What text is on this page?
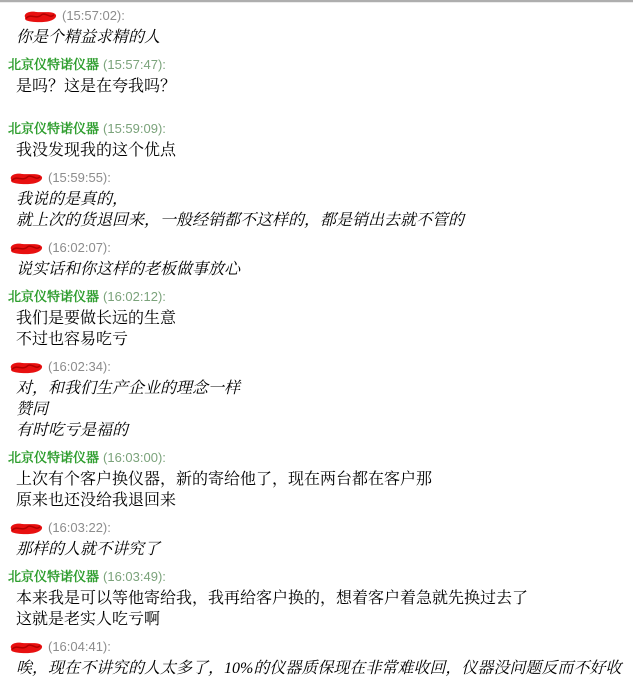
(15:57:02):
你是个精益求精的人
北京仪特诺仪器 (15:57:47):
是吗？这是在夸我吗？
北京仪特诺仪器 (15:59:09):
我没发现我的这个优点
(15:59:55):
我说的是真的，
就上次的货退回来，一般经销都不这样的，都是销出去就不管的
(16:02:07):
说实话和你这样的老板做事放心
北京仪特诺仪器 (16:02:12):
我们是要做长远的生意
不过也容易吃亏
(16:02:34):
对，和我们生产企业的理念一样
赞同
有时吃亏是福的
北京仪特诺仪器 (16:03:00):
上次有个客户换仪器，新的寄给他了，现在两台都在客户那
原来也还没给我退回来
(16:03:22):
那样的人就不讲究了
北京仪特诺仪器 (16:03:49):
本来我是可以等他寄给我，我再给客户换的，想着客户着急就先换过去了
这就是老实人吃亏啊
(16:04:41):
唉，现在不讲究的人太多了，10%的仪器质保现在非常难收回，仪器没问题反而不好收
